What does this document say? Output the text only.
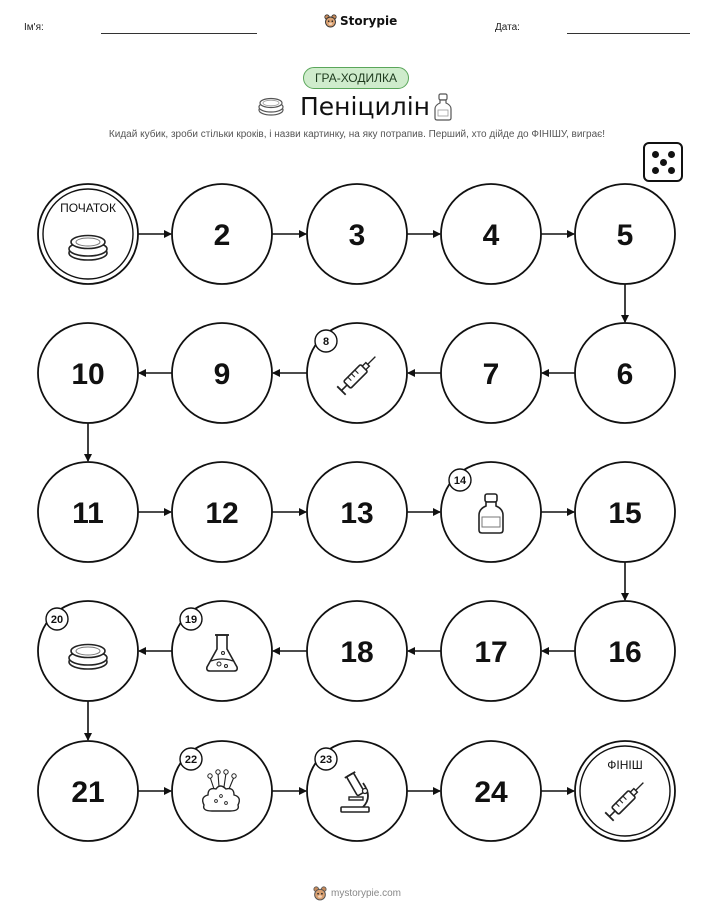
Ім'я:	Storypie	Дата:
ГРА-ХОДИЛКА
Пеніцилін
Кидай кубик, зроби стільки кроків, і назви картинку, на яку потрапив. Перший, хто дійде до ФІНІШУ, виграє!
ПОЧАТОК
2	3	4	5
6
7
8
9
10
11	12	13
14
15
16
17
18
19
20
21
22	23
24
ФІНІШ
mystorypie.com
